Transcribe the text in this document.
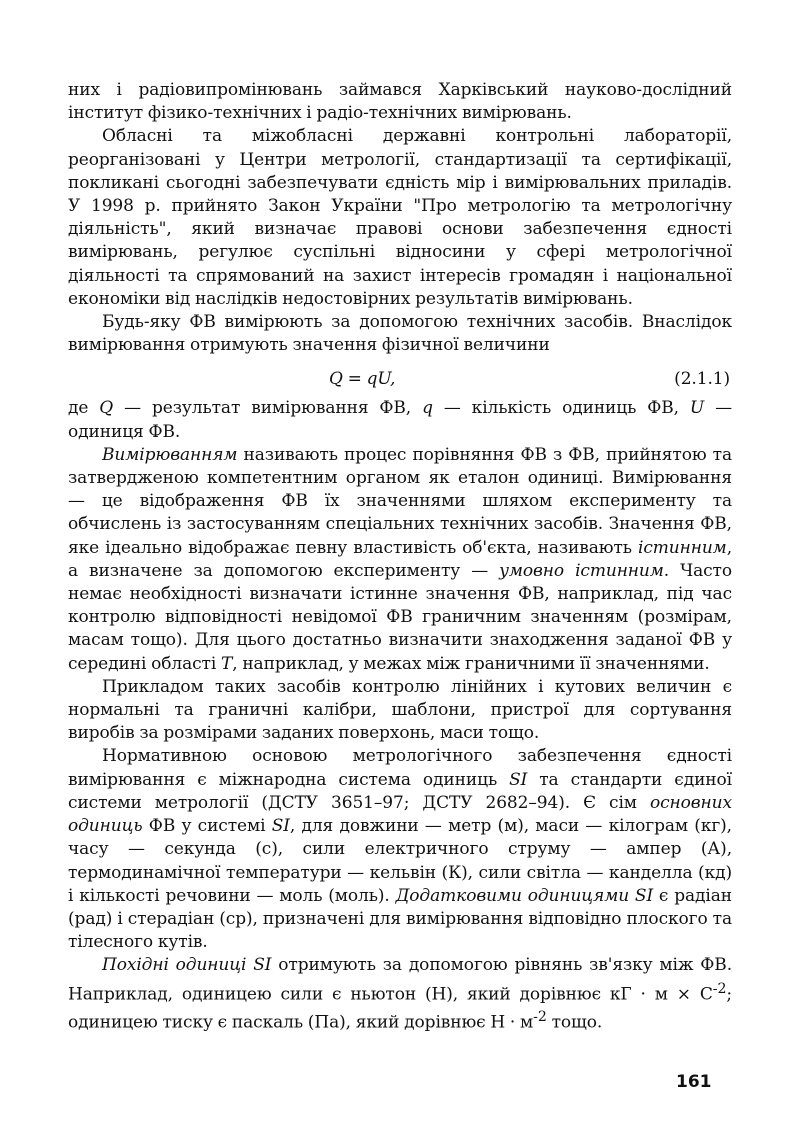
них і радіовипромінювань займався Харківський науково-дослідний інститут фізико-технічних і радіо-технічних вимірювань.

Обласні та міжобласні державні контрольні лабораторії, реорганізовані у Центри метрології, стандартизації та сертифікації, покликані сьогодні забезпечувати єдність мір і вимірювальних приладів. У 1998 р. прийнято Закон України "Про метрологію та метрологічну діяльність", який визначає правові основи забезпечення єдності вимірювань, регулює суспільні відносини у сфері метрологічної діяльності та спрямований на захист інтересів громадян і національної економіки від наслідків недостовірних результатів вимірювань.

Будь-яку ФВ вимірюють за допомогою технічних засобів. Внаслідок вимірювання отримують значення фізичної величини

Q = qU,	(2.1.1)

де Q — результат вимірювання ФВ, q — кількість одиниць ФВ, U — одиниця ФВ.

Вимірюванням називають процес порівняння ФВ з ФВ, прийнятою та затвердженою компетентним органом як еталон одиниці. Вимірювання — це відображення ФВ їх значеннями шляхом експерименту та обчислень із застосуванням спеціальних технічних засобів. Значення ФВ, яке ідеально відображає певну властивість об'єкта, називають істинним, а визначене за допомогою експерименту — умовно істинним. Часто немає необхідності визначати істинне значення ФВ, наприклад, під час контролю відповідності невідомої ФВ граничним значенням (розмірам, масам тощо). Для цього достатньо визначити знаходження заданої ФВ у середині області T, наприклад, у межах між граничними її значеннями.

Прикладом таких засобів контролю лінійних і кутових величин є нормальні та граничні калібри, шаблони, пристрої для сортування виробів за розмірами заданих поверхонь, маси тощо.

Нормативною основою метрологічного забезпечення єдності вимірювання є міжнародна система одиниць SI та стандарти єдиної системи метрології (ДСТУ 3651–97; ДСТУ 2682–94). Є сім основних одиниць ФВ у системі SI, для довжини — метр (м), маси — кілограм (кг), часу — секунда (с), сили електричного струму — ампер (А), термодинамічної температури — кельвін (К), сили світла — канделла (кд) і кількості речовини — моль (моль). Додатковими одиницями SI є радіан (рад) і стерадіан (ср), призначені для вимірювання відповідно плоского та тілесного кутів.

Похідні одиниці SI отримують за допомогою рівнянь зв'язку між ФВ. Наприклад, одиницею сили є ньютон (Н), який дорівнює кГ · $м \times С^{-2}$; одиницею тиску є паскаль (Па), який дорівнює $Н \cdot м^{-2}$ тощо.

161
